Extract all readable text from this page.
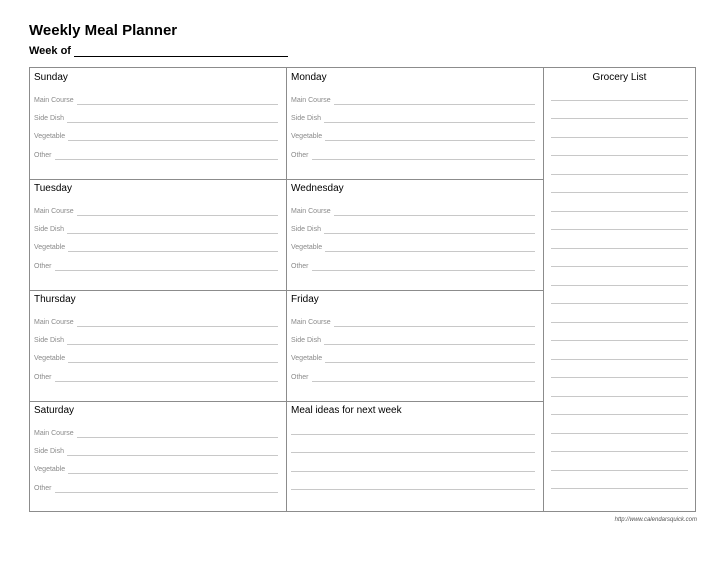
Weekly Meal Planner
Week of
Sunday
Main Course
Side Dish
Vegetable
Other
Monday
Main Course
Side Dish
Vegetable
Other
Tuesday
Main Course
Side Dish
Vegetable
Other
Wednesday
Main Course
Side Dish
Vegetable
Other
Thursday
Main Course
Side Dish
Vegetable
Other
Friday
Main Course
Side Dish
Vegetable
Other
Saturday
Main Course
Side Dish
Vegetable
Other
Meal ideas for next week
Grocery List
http://www.calendarsquick.com
